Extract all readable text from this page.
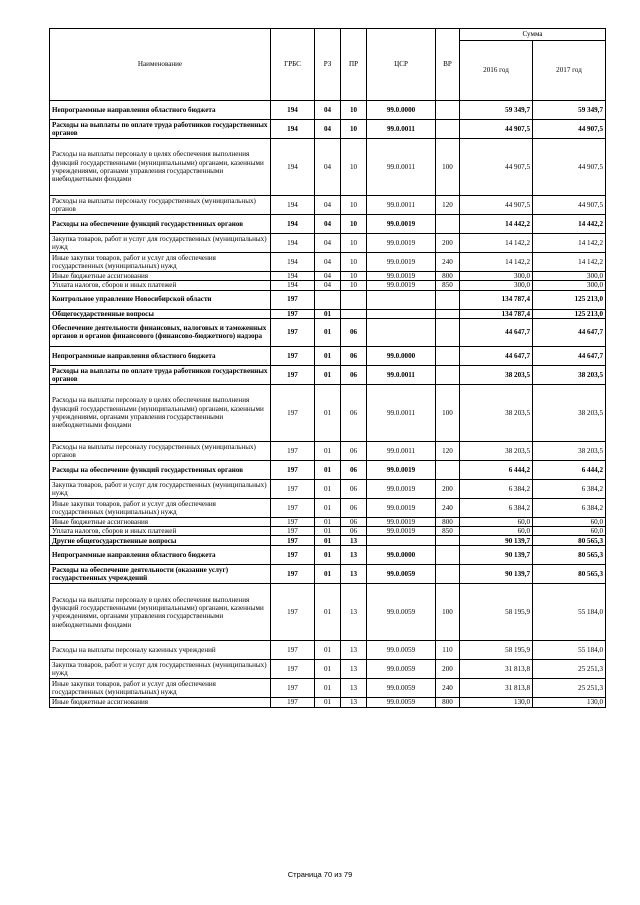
Наименование	ГРБС	РЗ	ПР	ЦСР	ВР	Сумма	
						2016 год	2017 год
Непрограммные направления областного бюджета	194	04	10	99.0.0000		59 349,7	59 349,7
Расходы на выплаты по оплате труда работников государственных органов	194	04	10	99.0.0011		44 907,5	44 907,5
Расходы на выплаты персоналу в целях обеспечения выполнения функций государственными (муниципальными) органами, казенными учреждениями, органами управления государственными внебюджетными фондами	194	04	10	99.0.0011	100	44 907,5	44 907,5
Расходы на выплаты персоналу государственных (муниципальных) органов	194	04	10	99.0.0011	120	44 907,5	44 907,5
Расходы на обеспечение функций государственных органов	194	04	10	99.0.0019		14 442,2	14 442,2
Закупка товаров, работ и услуг для государственных (муниципальных) нужд	194	04	10	99.0.0019	200	14 142,2	14 142,2
Иные закупки товаров, работ и услуг для обеспечения государственных (муниципальных) нужд	194	04	10	99.0.0019	240	14 142,2	14 142,2
Иные бюджетные ассигнования	194	04	10	99.0.0019	800	300,0	300,0
Уплата налогов, сборов и иных платежей	194	04	10	99.0.0019	850	300,0	300,0
Контрольное управление Новосибирской области	197					134 787,4	125 213,0
Общегосударственные вопросы	197	01				134 787,4	125 213,0
Обеспечение деятельности финансовых, налоговых и таможенных органов и органов финансового (финансово-бюджетного) надзора	197	01	06			44 647,7	44 647,7
Непрограммные направления областного бюджета	197	01	06	99.0.0000		44 647,7	44 647,7
Расходы на выплаты по оплате труда работников государственных органов	197	01	06	99.0.0011		38 203,5	38 203,5
Расходы на выплаты персоналу в целях обеспечения выполнения функций государственными (муниципальными) органами, казенными учреждениями, органами управления государственными внебюджетными фондами	197	01	06	99.0.0011	100	38 203,5	38 203,5
Расходы на выплаты персоналу государственных (муниципальных) органов	197	01	06	99.0.0011	120	38 203,5	38 203,5
Расходы на обеспечение функций государственных органов	197	01	06	99.0.0019		6 444,2	6 444,2
Закупка товаров, работ и услуг для государственных (муниципальных) нужд	197	01	06	99.0.0019	200	6 384,2	6 384,2
Иные закупки товаров, работ и услуг для обеспечения государственных (муниципальных) нужд	197	01	06	99.0.0019	240	6 384,2	6 384,2
Иные бюджетные ассигнования	197	01	06	99.0.0019	800	60,0	60,0
Уплата налогов, сборов и иных платежей	197	01	06	99.0.0019	850	60,0	60,0
Другие общегосударственные вопросы	197	01	13			90 139,7	80 565,3
Непрограммные направления областного бюджета	197	01	13	99.0.0000		90 139,7	80 565,3
Расходы на обеспечение деятельности (оказание услуг) государственных учреждений	197	01	13	99.0.0059		90 139,7	80 565,3
Расходы на выплаты персоналу в целях обеспечения выполнения функций государственными (муниципальными) органами, казенными учреждениями, органами управления государственными внебюджетными фондами	197	01	13	99.0.0059	100	58 195,9	55 184,0
Расходы на выплаты персоналу казенных учреждений	197	01	13	99.0.0059	110	58 195,9	55 184,0
Закупка товаров, работ и услуг для государственных (муниципальных) нужд	197	01	13	99.0.0059	200	31 813,8	25 251,3
Иные закупки товаров, работ и услуг для обеспечения государственных (муниципальных) нужд	197	01	13	99.0.0059	240	31 813,8	25 251,3
Иные бюджетные ассигнования	197	01	13	99.0.0059	800	130,0	130,0
Страница 70 из 79
